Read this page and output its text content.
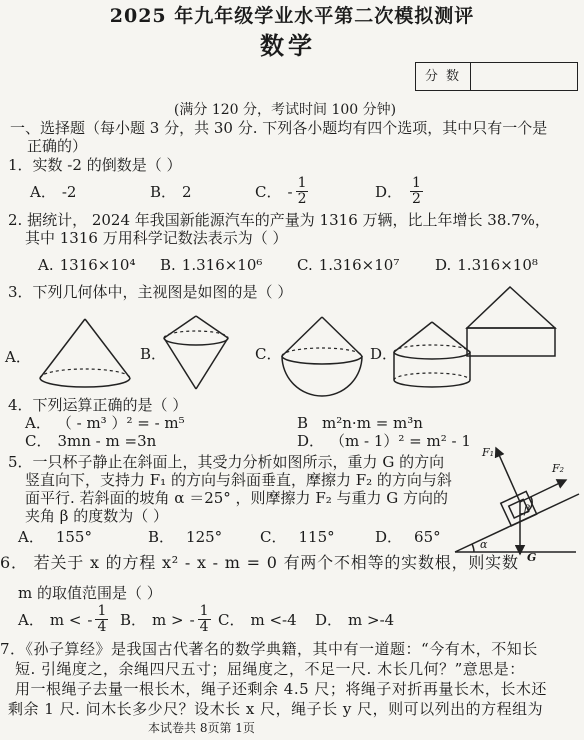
2025 年九年级学业水平第二次模拟测评
数学
分 数
(满分 120 分，考试时间 100 分钟)
一、选择题（每小题 3 分，共 30 分. 下列各小题均有四个选项，其中只有一个是
正确的）
1．实数 -2 的倒数是（ ）
A． -2	B． 2	C． - $\frac{1}{2}$	D． $\frac{1}{2}$
2. 据统计， 2024 年我国新能源汽车的产量为 1316 万辆，比上年增长 38.7%，
其中 1316 万用科学记数法表示为（ ）
A. 1316×10⁴ B. 1.316×10⁶ C. 1.316×10⁷ D. 1.316×10⁸
3．下列几何体中，主视图是如图的是（ ）
A．	B．	C．	D．
4．下列运算正确的是（ ）
A． （ - m³ ）² = - m⁵	B m²n·m = m³n
C． 3mn - m =3n	D． （m - 1）² = m² - 1
5．一只杯子静止在斜面上，其受力分析如图所示，重力 G 的方向
竖直向下，支持力 F₁ 的方向与斜面垂直，摩擦力 F₂ 的方向与斜
面平行. 若斜面的坡角 α ＝25° ，则摩擦力 F₂ 与重力 G 方向的
夹角 β 的度数为（ ）
A． 155°	B． 125°	C． 115°	D． 65°
F₁
F₂
β
α
G
6． 若关于 x 的方程 x² - x - m = 0 有两个不相等的实数根，则实数
m 的取值范围是（ ）
A． m < - $\frac{1}{4}$ B． m > - $\frac{1}{4}$ C． m <-4 D． m >-4
7．《孙子算经》是我国古代著名的数学典籍，其中有一道题：“今有木，不知长
短. 引绳度之，余绳四尺五寸；屈绳度之，不足一尺. 木长几何？”意思是：
用一根绳子去量一根长木，绳子还剩余 4.5 尺；将绳子对折再量长木，长木还
剩余 1 尺. 问木长多少尺？设木长 x 尺，绳子长 y 尺，则可以列出的方程组为
本试卷共 8页第 1页
